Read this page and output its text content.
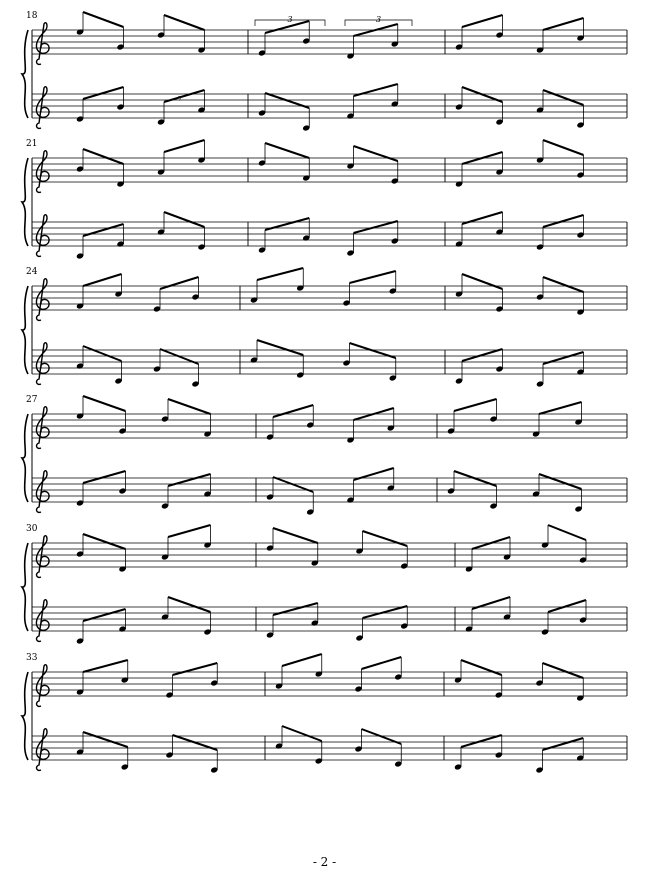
18
21
24
27
30
33
3	3
𝄾
- 2 -
